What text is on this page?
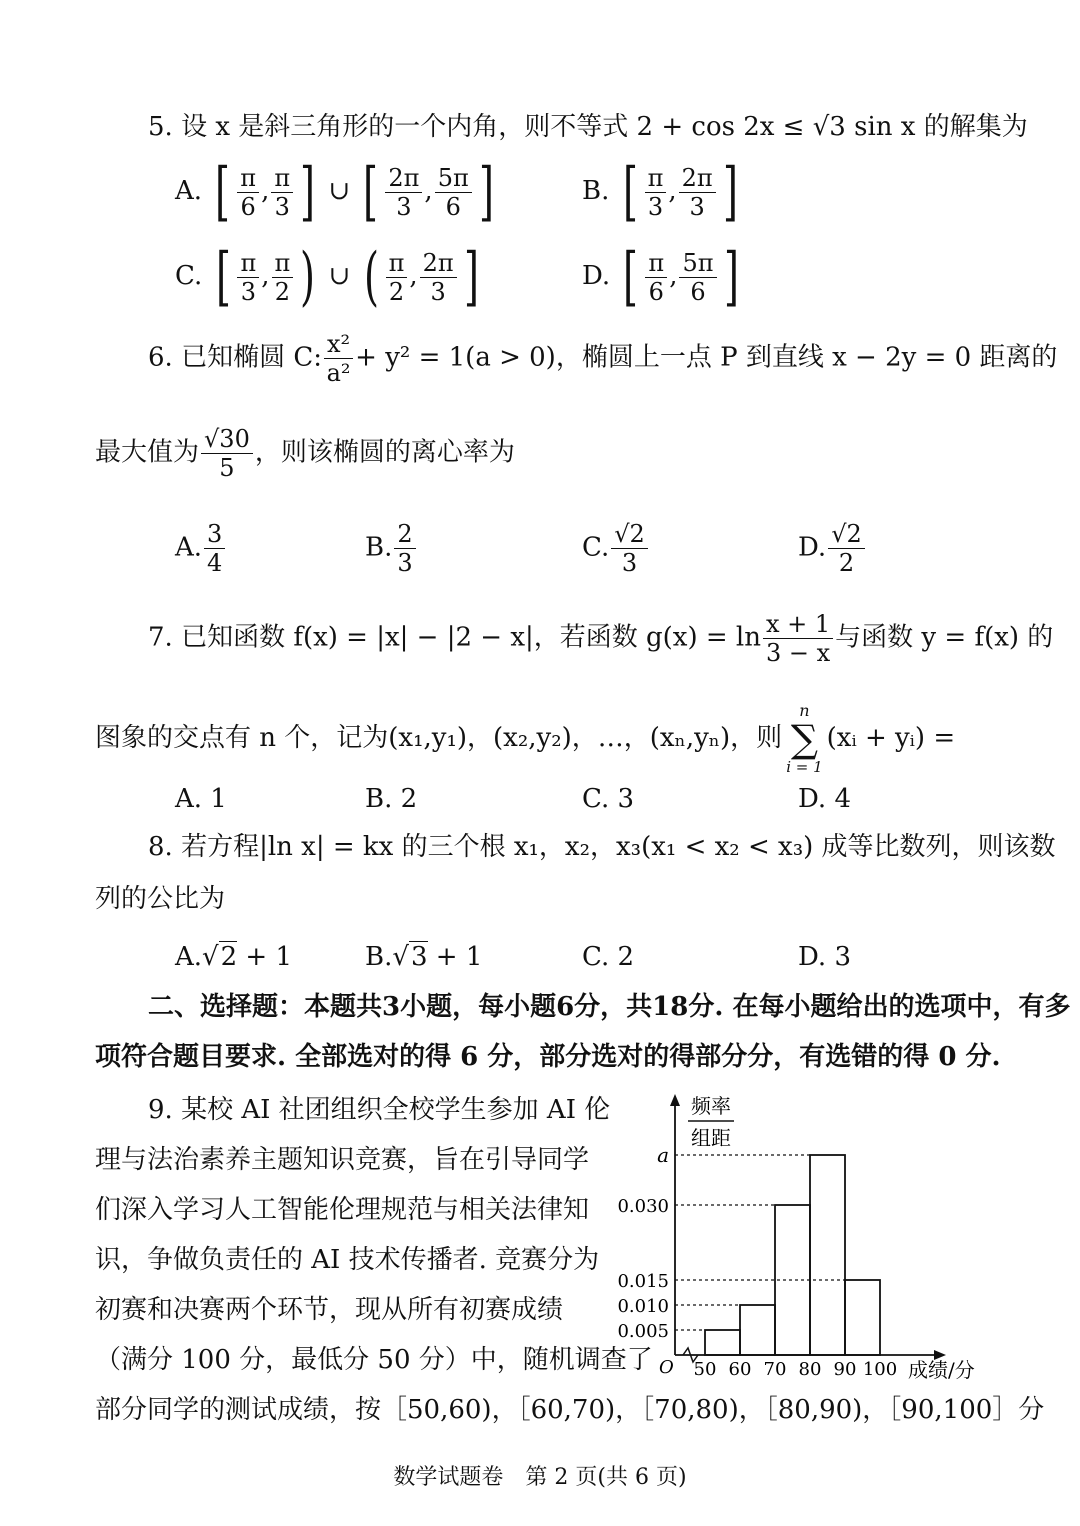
5. 设 x 是斜三角形的一个内角，则不等式 2 + cos 2x ≤ √3 sin x 的解集为
A. [ $\frac{\pi}{6}$ , $\frac{\pi}{3}$ ] ∪ [ $\frac{2\pi}{3}$ , $\frac{5\pi}{6}$ ]	B. [ $\frac{\pi}{3}$ , $\frac{2\pi}{3}$ ]
C. [ $\frac{\pi}{3}$ , $\frac{\pi}{2}$ ) ∪ ( $\frac{\pi}{2}$ , $\frac{2\pi}{3}$ ]	D. [ $\frac{\pi}{6}$ , $\frac{5\pi}{6}$ ]
6. 已知椭圆 C: $\frac{\text{x²}}{\text{a²}} + y^2 = 1(a > 0)$，椭圆上一点 P 到直线 x − 2y = 0 距离的
最大值为 $\frac{√30}{5}$ ，则该椭圆的离心率为
A. $\frac{3}{4}$	B. $\frac{2}{3}$	C. $\frac{√2}{3}$	D. $\frac{√2}{2}$
7. 已知函数 f(x) = |x| − |2 − x|，若函数 $g(x) = \ln \frac{x + 1}{3 - x}$ 与函数 y = f(x) 的
图象的交点有 n 个，记为(x₁,y₁)，(x₂,y₂)，…，(xₙ,yₙ)，则
n
∑
i = 1
(xᵢ + yᵢ) =
A. 1	B. 2	C. 3	D. 4
8. 若方程|ln x| = kx 的三个根 x₁，x₂，x₃(x₁ < x₂ < x₃) 成等比数列，则该数
列的公比为
A.√2 + 1	B.√3 + 1	C. 2	D. 3
二、选择题：本题共3小题，每小题6分，共18分. 在每小题给出的选项中，有多
项符合题目要求. 全部选对的得 6 分，部分选对的得部分分，有选错的得 0 分.
9. 某校 AI 社团组织全校学生参加 AI 伦
理与法治素养主题知识竞赛，旨在引导同学
们深入学习人工智能伦理规范与相关法律知
识，争做负责任的 AI 技术传播者. 竞赛分为
初赛和决赛两个环节，现从所有初赛成绩
（满分 100 分，最低分 50 分）中，随机调查了
部分同学的测试成绩，按［50,60)，［60,70)，［70,80)，［80,90)，［90,100］分
频率
组距
O
a
0.030
0.015
0.010
0.005
50 60 70 80 90 100 成绩/分
数学试题卷　第 2 页(共 6 页)
